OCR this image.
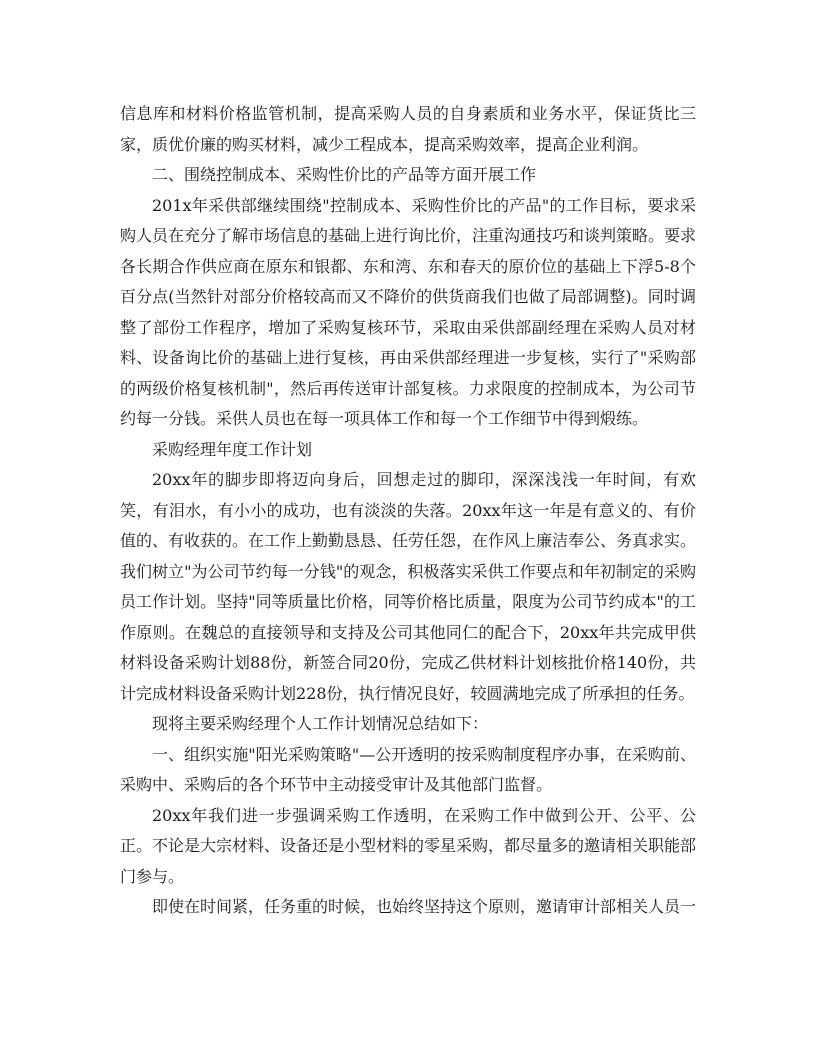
信息库和材料价格监管机制，提高采购人员的自身素质和业务水平，保证货比三家，质优价廉的购买材料，减少工程成本，提高采购效率，提高企业利润。

二、围绕控制成本、采购性价比的产品等方面开展工作

201x年采供部继续围绕"控制成本、采购性价比的产品"的工作目标，要求采购人员在充分了解市场信息的基础上进行询比价，注重沟通技巧和谈判策略。要求各长期合作供应商在原东和银都、东和湾、东和春天的原价位的基础上下浮5-8个百分点(当然针对部分价格较高而又不降价的供货商我们也做了局部调整)。同时调整了部份工作程序，增加了采购复核环节，采取由采供部副经理在采购人员对材料、设备询比价的基础上进行复核，再由采供部经理进一步复核，实行了"采购部的两级价格复核机制"，然后再传送审计部复核。力求限度的控制成本，为公司节约每一分钱。采供人员也在每一项具体工作和每一个工作细节中得到煅练。

采购经理年度工作计划

20xx年的脚步即将迈向身后，回想走过的脚印，深深浅浅一年时间，有欢笑，有泪水，有小小的成功，也有淡淡的失落。20xx年这一年是有意义的、有价值的、有收获的。在工作上勤勤恳恳、任劳任怨，在作风上廉洁奉公、务真求实。我们树立"为公司节约每一分钱"的观念，积极落实采供工作要点和年初制定的采购员工作计划。坚持"同等质量比价格，同等价格比质量，限度为公司节约成本"的工作原则。在魏总的直接领导和支持及公司其他同仁的配合下，20xx年共完成甲供材料设备采购计划88份，新签合同20份，完成乙供材料计划核批价格140份，共计完成材料设备采购计划228份，执行情况良好，较圆满地完成了所承担的任务。

现将主要采购经理个人工作计划情况总结如下：

一、组织实施"阳光采购策略"—公开透明的按采购制度程序办事，在采购前、采购中、采购后的各个环节中主动接受审计及其他部门监督。

20xx年我们进一步强调采购工作透明，在采购工作中做到公开、公平、公正。不论是大宗材料、设备还是小型材料的零星采购，都尽量多的邀请相关职能部门参与。

即使在时间紧，任务重的时候，也始终坚持这个原则，邀请审计部相关人员一
